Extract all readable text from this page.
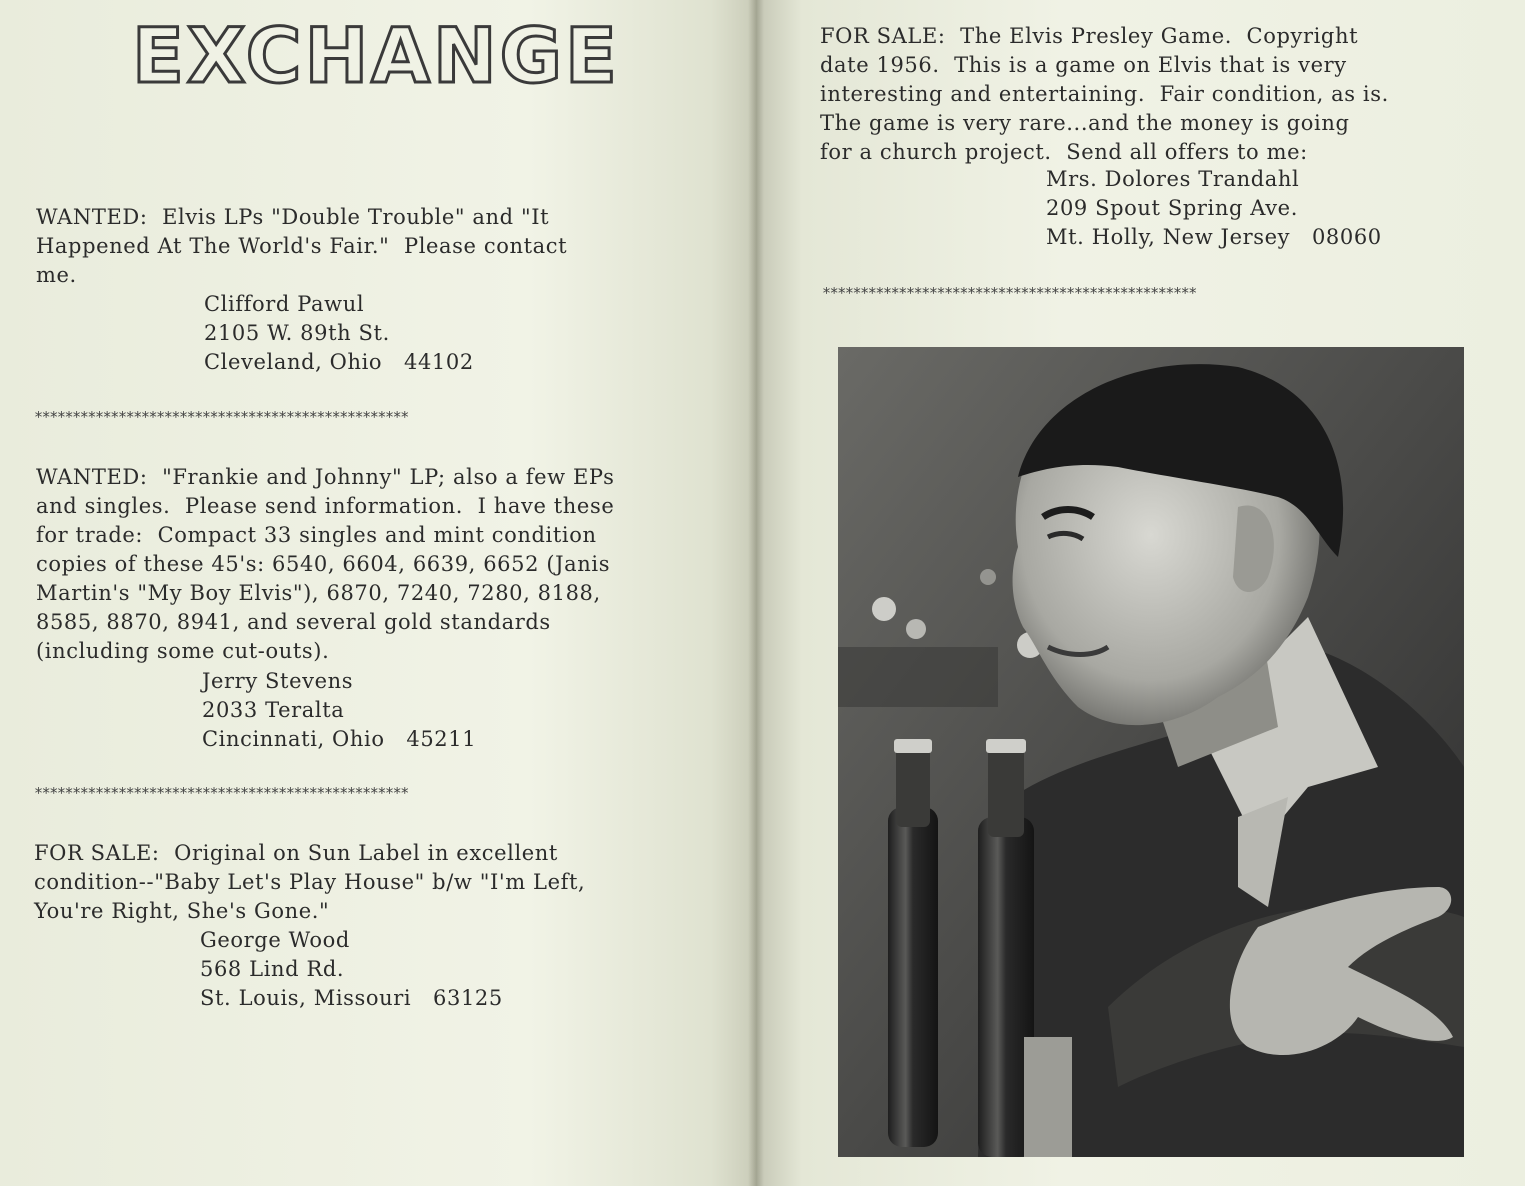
EXCHANGE
WANTED:  Elvis LPs "Double Trouble" and "It
Happened At The World's Fair."  Please contact
me.
Clifford Pawul
2105 W. 89th St.
Cleveland, Ohio   44102
*************************************************
WANTED:  "Frankie and Johnny" LP; also a few EPs
and singles.  Please send information.  I have these
for trade:  Compact 33 singles and mint condition
copies of these 45's: 6540, 6604, 6639, 6652 (Janis
Martin's "My Boy Elvis"), 6870, 7240, 7280, 8188,
8585, 8870, 8941, and several gold standards
(including some cut-outs).
Jerry Stevens
2033 Teralta
Cincinnati, Ohio   45211
*************************************************
FOR SALE:  Original on Sun Label in excellent
condition--"Baby Let's Play House" b/w "I'm Left,
You're Right, She's Gone."
George Wood
568 Lind Rd.
St. Louis, Missouri   63125
FOR SALE:  The Elvis Presley Game.  Copyright
date 1956.  This is a game on Elvis that is very
interesting and entertaining.  Fair condition, as is.
The game is very rare...and the money is going
for a church project.  Send all offers to me:
Mrs. Dolores Trandahl
209 Spout Spring Ave.
Mt. Holly, New Jersey   08060
*************************************************
